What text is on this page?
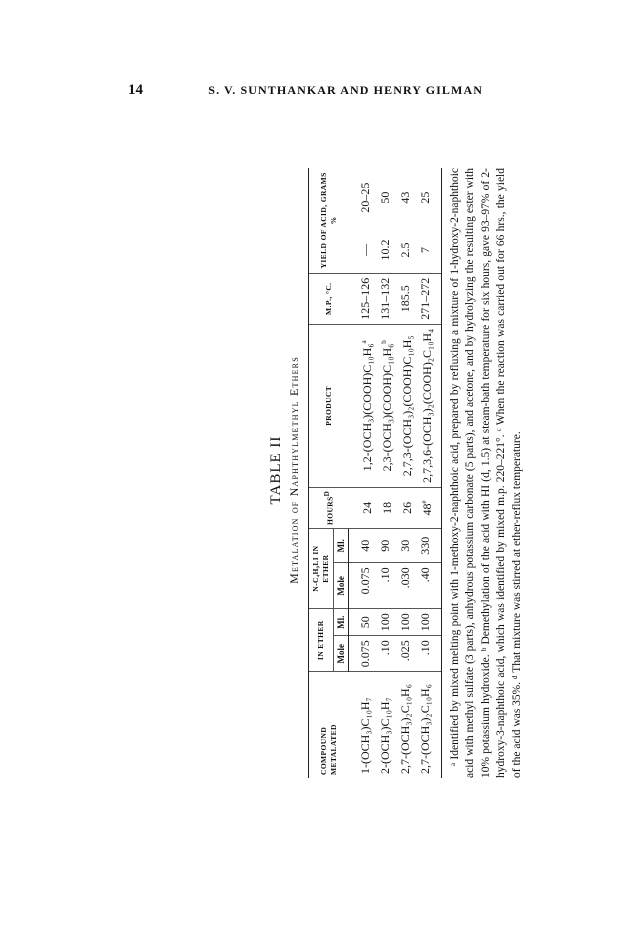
14	S. V. SUNTHANKAR AND HENRY GILMAN
TABLE II Metalation of Naphthylmethyl Ethers
COMPOUND METALATED	IN ETHER		N-C₄H₉LI IN ETHER		$HOURS^D$	PRODUCT	M.P., °C.	YIELD OF ACID, GRAMS %	
	Mole	Ml.	Mole	Ml.					
1-(OCH₃)C₁₀H₇	0.075	50	0.075	40	24	1,2-(OCH₃)(COOH)C₁₀H₆$^a$	125–126	—	20–25
2-(OCH₃)C₁₀H₇	.10	100	.10	90	18	2,3-(OCH₃)(COOH)C₁₀H₆$^b$	131–132	10.2	50
2,7-(OCH₃)₂C₁₀H₆	.025	100	.030	30	26	2,7,3-(OCH₃)₂(COOH)C₁₀H₅	185.5	2.5	43
2,7-(OCH₃)₂C₁₀H₆	.10	100	.40	330	48e	2,7,3,6-(OCH₃)₂(COOH)₂C₁₀H₄	271–272	7	25 ᵃ Identified by mixed melting point with 1-methoxy-2-naphthoic acid, prepared by refluxing a mixture of 1-hydroxy-2-naphthoic acid with methyl sulfate (3 parts), anhydrous potassium carbonate (5 parts), and acetone, and by hydrolyzing the resulting ester with 10% potassium hydroxide. ᵇ Demethylation of the acid with HI (d, 1.5) at steam-bath temperature for six hours, gave 93–97% of 2-hydroxy-3-naphthoic acid, which was identified by mixed m.p. 220–221°. ᶜ When the reaction was carried out for 66 hrs., the yield of the acid was 35%. ᵈ That mixture was stirred at ether-reflux temperature.
